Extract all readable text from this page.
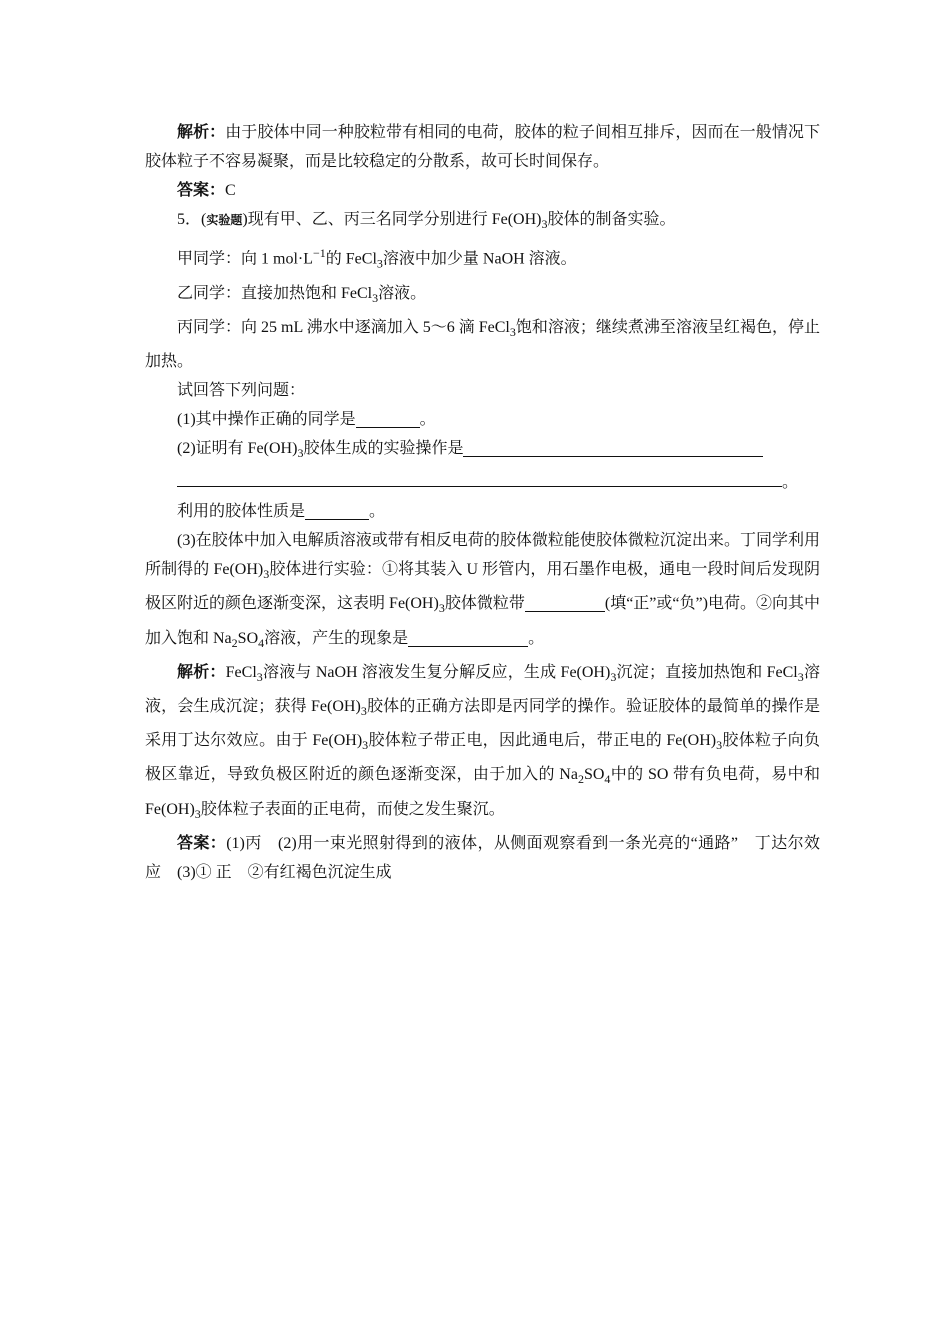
解析：由于胶体中同一种胶粒带有相同的电荷，胶体的粒子间相互排斥，因而在一般情况下胶体粒子不容易凝聚，而是比较稳定的分散系，故可长时间保存。

答案：C

5．(实验题)现有甲、乙、丙三名同学分别进行 $Fe(OH)_3$胶体的制备实验。

甲同学：向 1 $mol\cdot L^{-1}$的 FeCl$_3$溶液中加少量 NaOH 溶液。

乙同学：直接加热饱和 FeCl$_3$溶液。

丙同学：向 25 mL 沸水中逐滴加入 5～6 滴 FeCl$_3$饱和溶液；继续煮沸至溶液呈红褐色，停止加热。

试回答下列问题：

(1)其中操作正确的同学是	。

(2)证明有 $Fe(OH)_3$胶体生成的实验操作是

。

利用的胶体性质是	。

(3)在胶体中加入电解质溶液或带有相反电荷的胶体微粒能使胶体微粒沉淀出来。丁同学利用所制得的 $Fe(OH)_3$胶体进行实验：①将其装入 U 形管内，用石墨作电极，通电一段时间后发现阴极区附近的颜色逐渐变深，这表明 $Fe(OH)_3$胶体微粒带	(填“正”或“负”)电荷。②向其中加入饱和 $Na_2SO_4$溶液，产生的现象是	。

解析：FeCl$_3$溶液与 NaOH 溶液发生复分解反应，生成 $Fe(OH)_3$沉淀；直接加热饱和 FeCl$_3$溶液，会生成沉淀；获得 $Fe(OH)_3$胶体的正确方法即是丙同学的操作。验证胶体的最简单的操作是采用丁达尔效应。由于 $Fe(OH)_3$胶体粒子带正电，因此通电后，带正电的 $Fe(OH)_3$胶体粒子向负极区靠近，导致负极区附近的颜色逐渐变深，由于加入的 $Na_2SO_4$中的 SO 带有负电荷，易中和 $Fe(OH)_3$胶体粒子表面的正电荷，而使之发生聚沉。

答案：(1)丙　(2)用一束光照射得到的液体，从侧面观察看到一条光亮的“通路”　丁达尔效应　(3)① 正　②有红褐色沉淀生成
